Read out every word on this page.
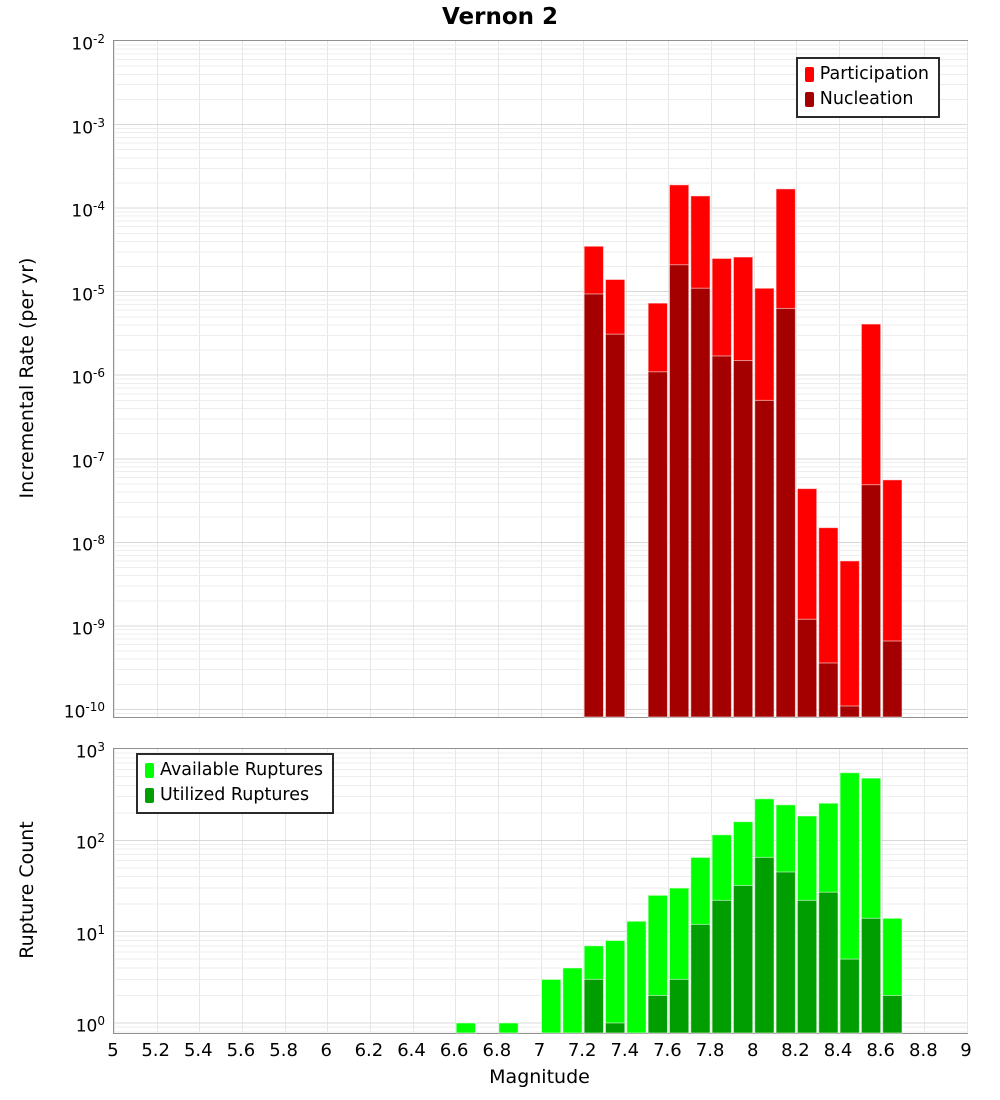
Vernon 2
Incremental Rate (per yr)
Rupture Count
Participation
Nucleation
Available Ruptures
Utilized Ruptures
$10^{-2}$
$10^{-3}$
$10^{-4}$
$10^{-5}$
$10^{-6}$
$10^{-7}$
$10^{-8}$
$10^{-9}$
$10^{-10}$
$10^3$
$10^2$
$10^1$
$10^0$
5	5.2 5.4 5.6 5.8	6	6.2 6.4 6.6 6.8	7	7.2 7.4 7.6 7.8	8	8.2 8.4 8.6 8.8	9
Magnitude
